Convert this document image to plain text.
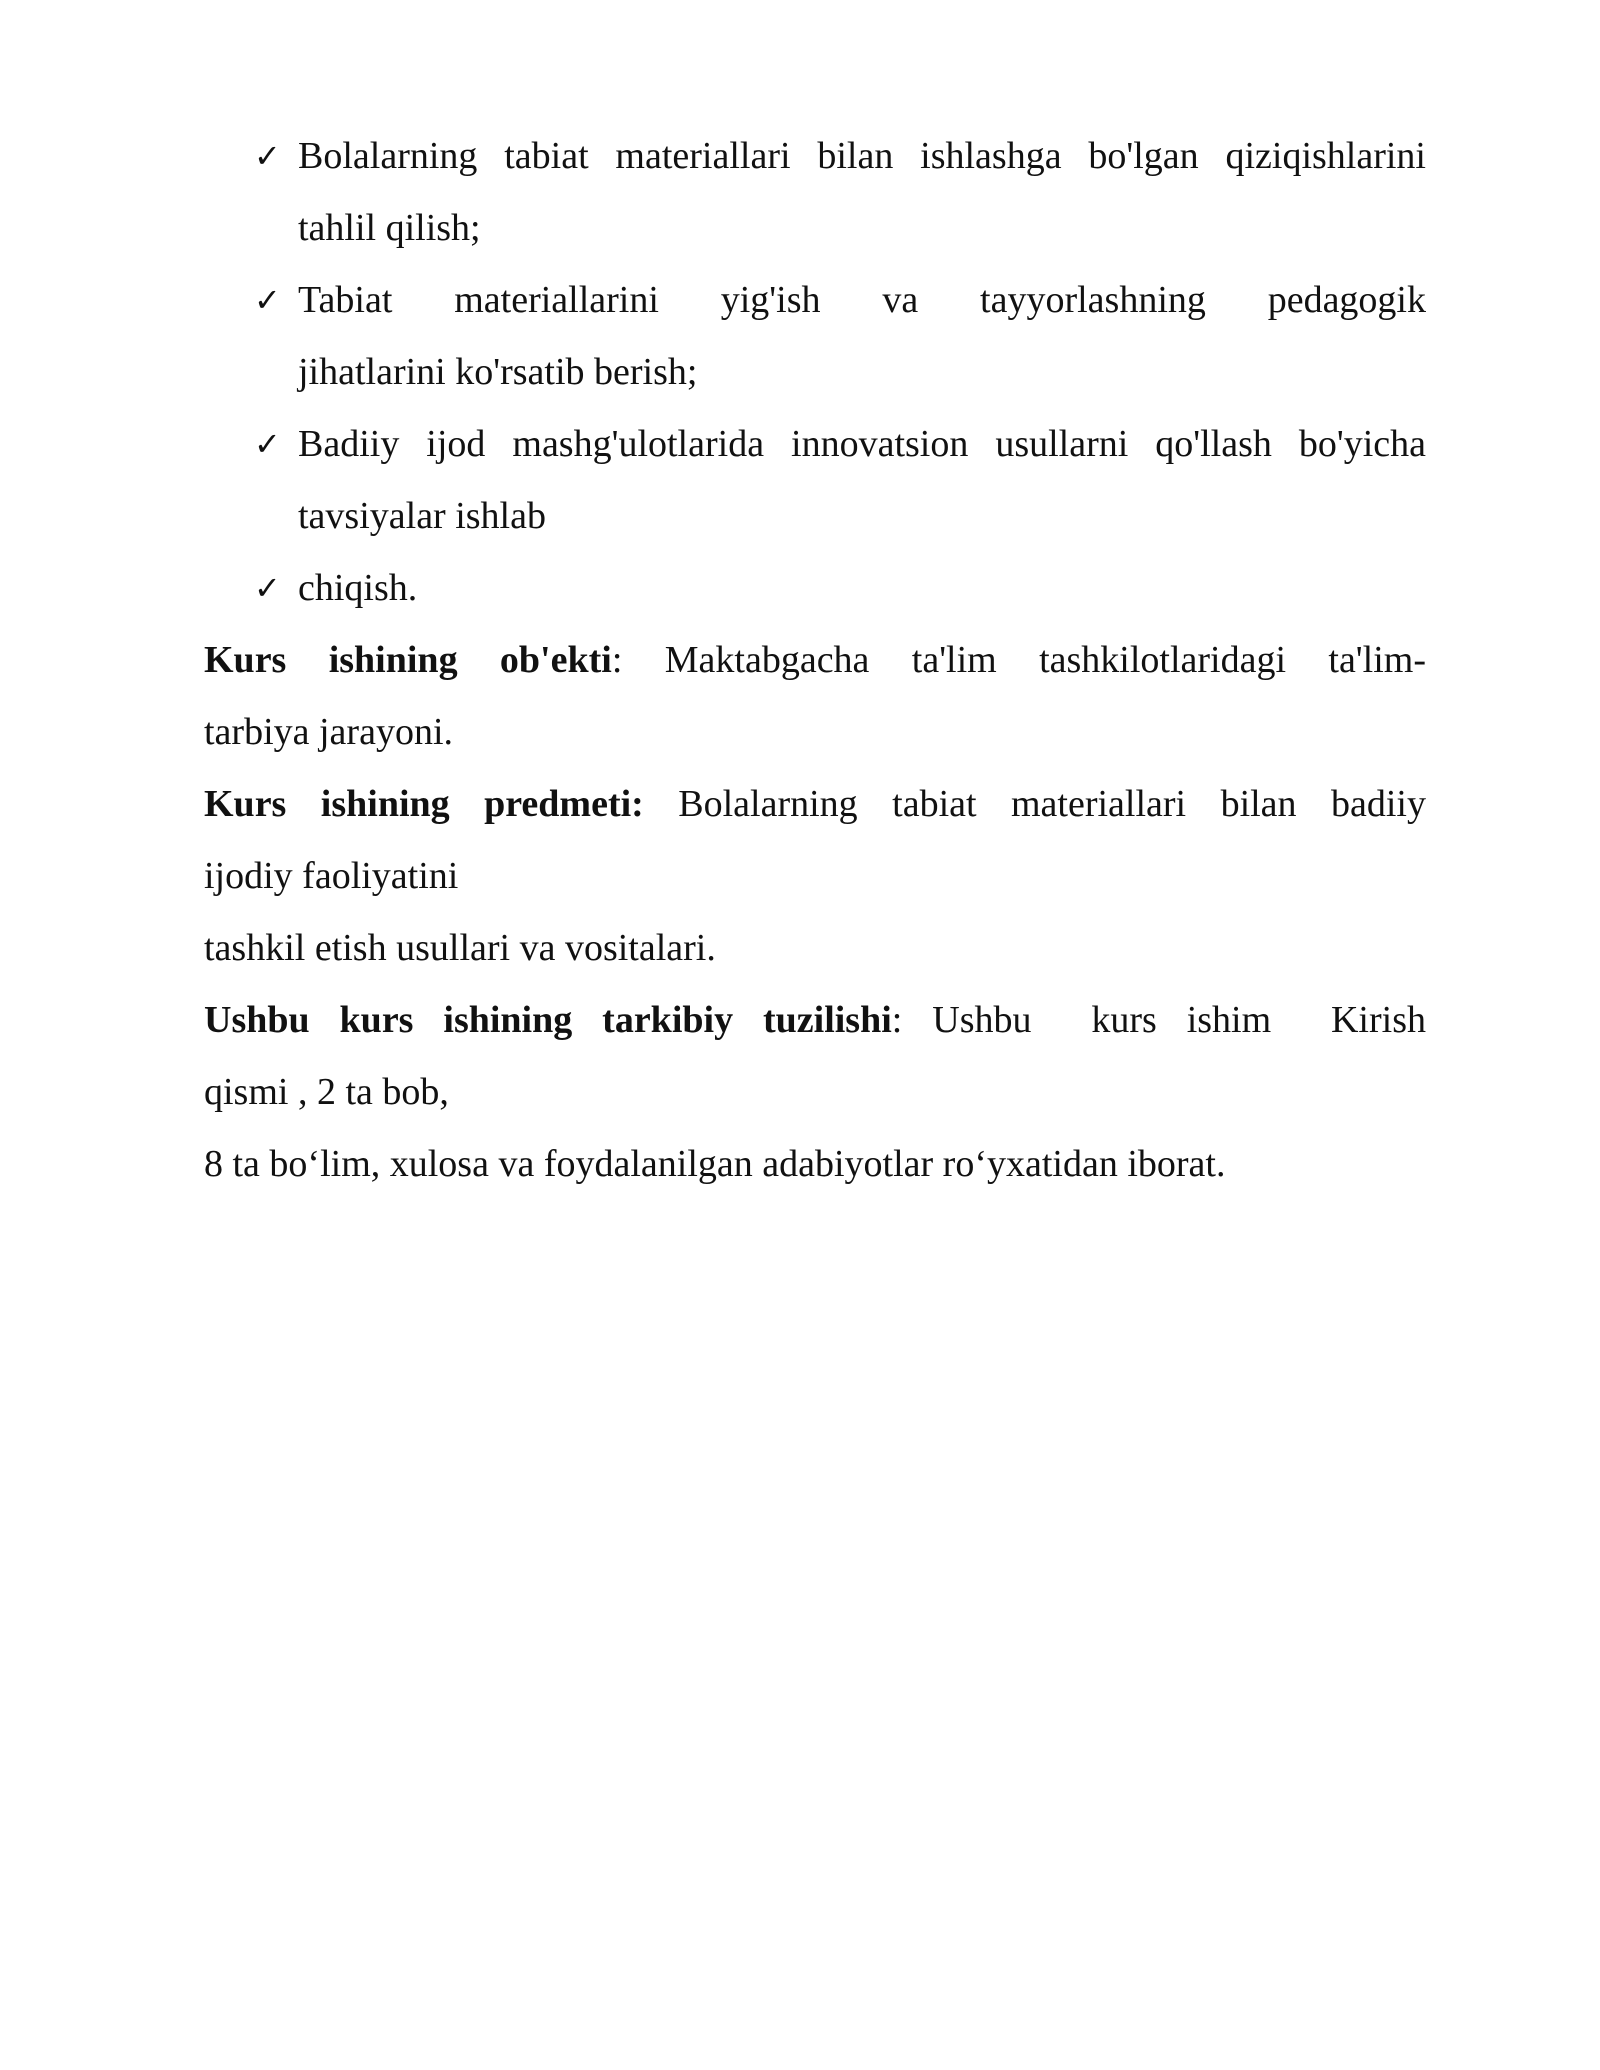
✓ Bolalarning tabiat materiallari bilan ishlashga bo'lgan qiziqishlarini
tahlil qilish;
✓ Tabiat materiallarini yig'ish va tayyorlashning pedagogik
jihatlarini ko'rsatib berish;
✓ Badiiy ijod mashg'ulotlarida innovatsion usullarni qo'llash bo'yicha
tavsiyalar ishlab
✓ chiqish.

Kurs ishining ob'ekti: Maktabgacha ta'lim tashkilotlaridagi ta'lim-
tarbiya jarayoni.

Kurs ishining predmeti: Bolalarning tabiat materiallari bilan badiiy
ijodiy faoliyatini
tashkil etish usullari va vositalari.

Ushbu kurs ishining tarkibiy tuzilishi: Ushbu  kurs ishim  Kirish
qismi , 2 ta bob,
8 ta bo‘lim, xulosa va foydalanilgan adabiyotlar ro‘yxatidan iborat.
